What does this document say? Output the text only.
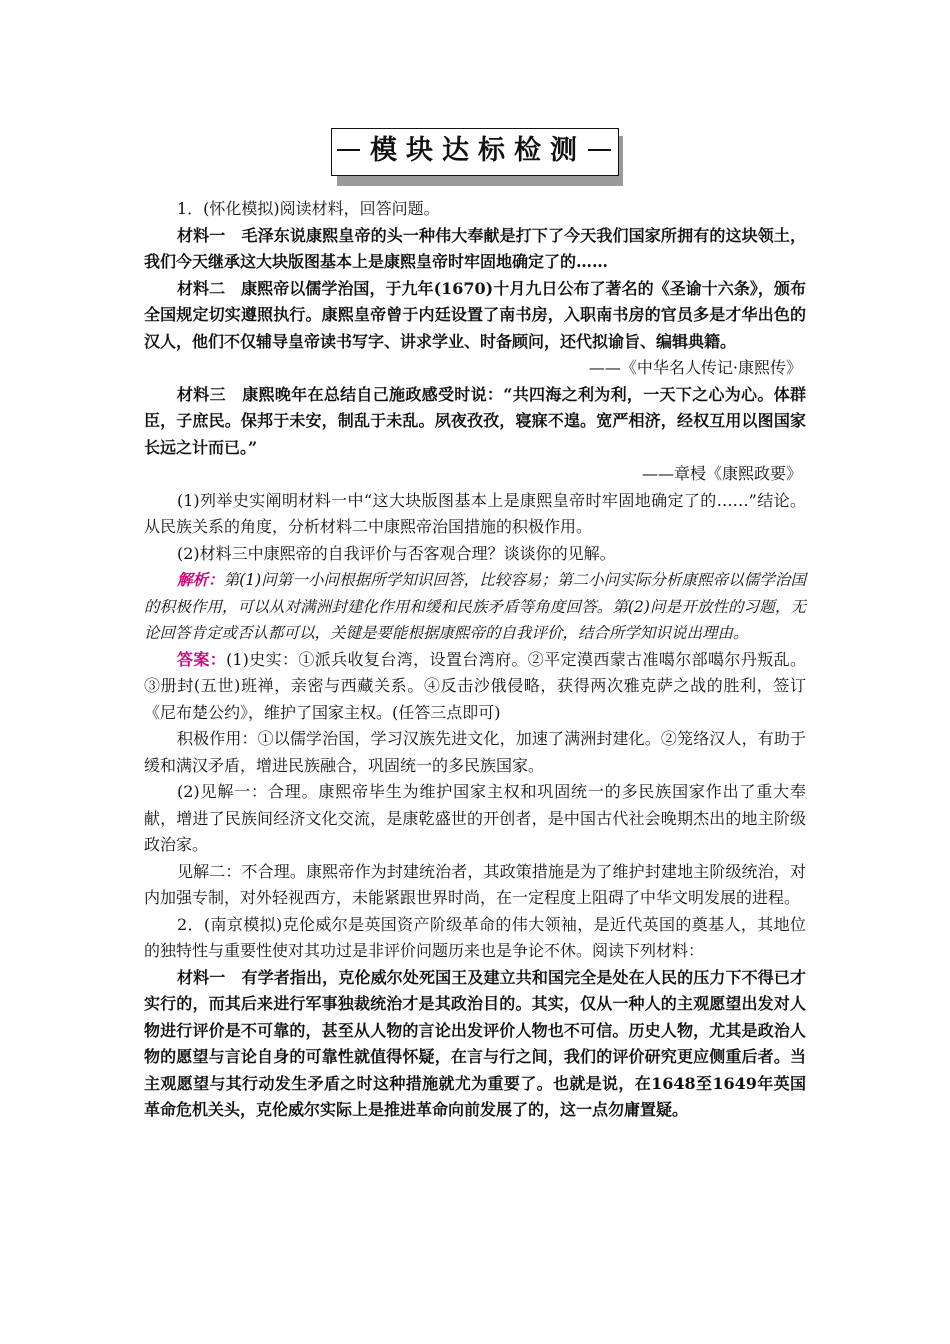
模块达标检测

1．(怀化模拟)阅读材料，回答问题。

材料一　毛泽东说康熙皇帝的头一种伟大奉献是打下了今天我们国家所拥有的这块领土，我们今天继承这大块版图基本上是康熙皇帝时牢固地确定了的……

材料二　康熙帝以儒学治国，于九年(1670)十月九日公布了著名的《圣谕十六条》，颁布全国规定切实遵照执行。康熙皇帝曾于内廷设置了南书房，入职南书房的官员多是才华出色的汉人，他们不仅辅导皇帝读书写字、讲求学业、时备顾问，还代拟谕旨、编辑典籍。

——《中华名人传记·康熙传》

材料三　康熙晚年在总结自己施政感受时说：“共四海之利为利，一天下之心为心。体群臣，子庶民。保邦于未安，制乱于未乱。夙夜孜孜，寝寐不遑。宽严相济，经权互用以图国家长远之计而已。”

——章梫《康熙政要》

(1)列举史实阐明材料一中“这大块版图基本上是康熙皇帝时牢固地确定了的……”结论。从民族关系的角度，分析材料二中康熙帝治国措施的积极作用。

(2)材料三中康熙帝的自我评价与否客观合理？谈谈你的见解。

解析：第(1)问第一小问根据所学知识回答，比较容易；第二小问实际分析康熙帝以儒学治国的积极作用，可以从对满洲封建化作用和缓和民族矛盾等角度回答。第(2)问是开放性的习题，无论回答肯定或否认都可以，关键是要能根据康熙帝的自我评价，结合所学知识说出理由。

答案：(1)史实：①派兵收复台湾，设置台湾府。②平定漠西蒙古准噶尔部噶尔丹叛乱。③册封(五世)班禅，亲密与西藏关系。④反击沙俄侵略，获得两次雅克萨之战的胜利，签订《尼布楚公约》，维护了国家主权。(任答三点即可)

积极作用：①以儒学治国，学习汉族先进文化，加速了满洲封建化。②笼络汉人，有助于缓和满汉矛盾，增进民族融合，巩固统一的多民族国家。

(2)见解一：合理。康熙帝毕生为维护国家主权和巩固统一的多民族国家作出了重大奉献，增进了民族间经济文化交流，是康乾盛世的开创者，是中国古代社会晚期杰出的地主阶级政治家。

见解二：不合理。康熙帝作为封建统治者，其政策措施是为了维护封建地主阶级统治，对内加强专制，对外轻视西方，未能紧跟世界时尚，在一定程度上阻碍了中华文明发展的进程。

2．(南京模拟)克伦威尔是英国资产阶级革命的伟大领袖，是近代英国的奠基人，其地位的独特性与重要性使对其功过是非评价问题历来也是争论不休。阅读下列材料：

材料一　有学者指出，克伦威尔处死国王及建立共和国完全是处在人民的压力下不得已才实行的，而其后来进行军事独裁统治才是其政治目的。其实，仅从一种人的主观愿望出发对人物进行评价是不可靠的，甚至从人物的言论出发评价人物也不可信。历史人物，尤其是政治人物的愿望与言论自身的可靠性就值得怀疑，在言与行之间，我们的评价研究更应侧重后者。当主观愿望与其行动发生矛盾之时这种措施就尤为重要了。也就是说，在1648至1649年英国革命危机关头，克伦威尔实际上是推进革命向前发展了的，这一点勿庸置疑。
